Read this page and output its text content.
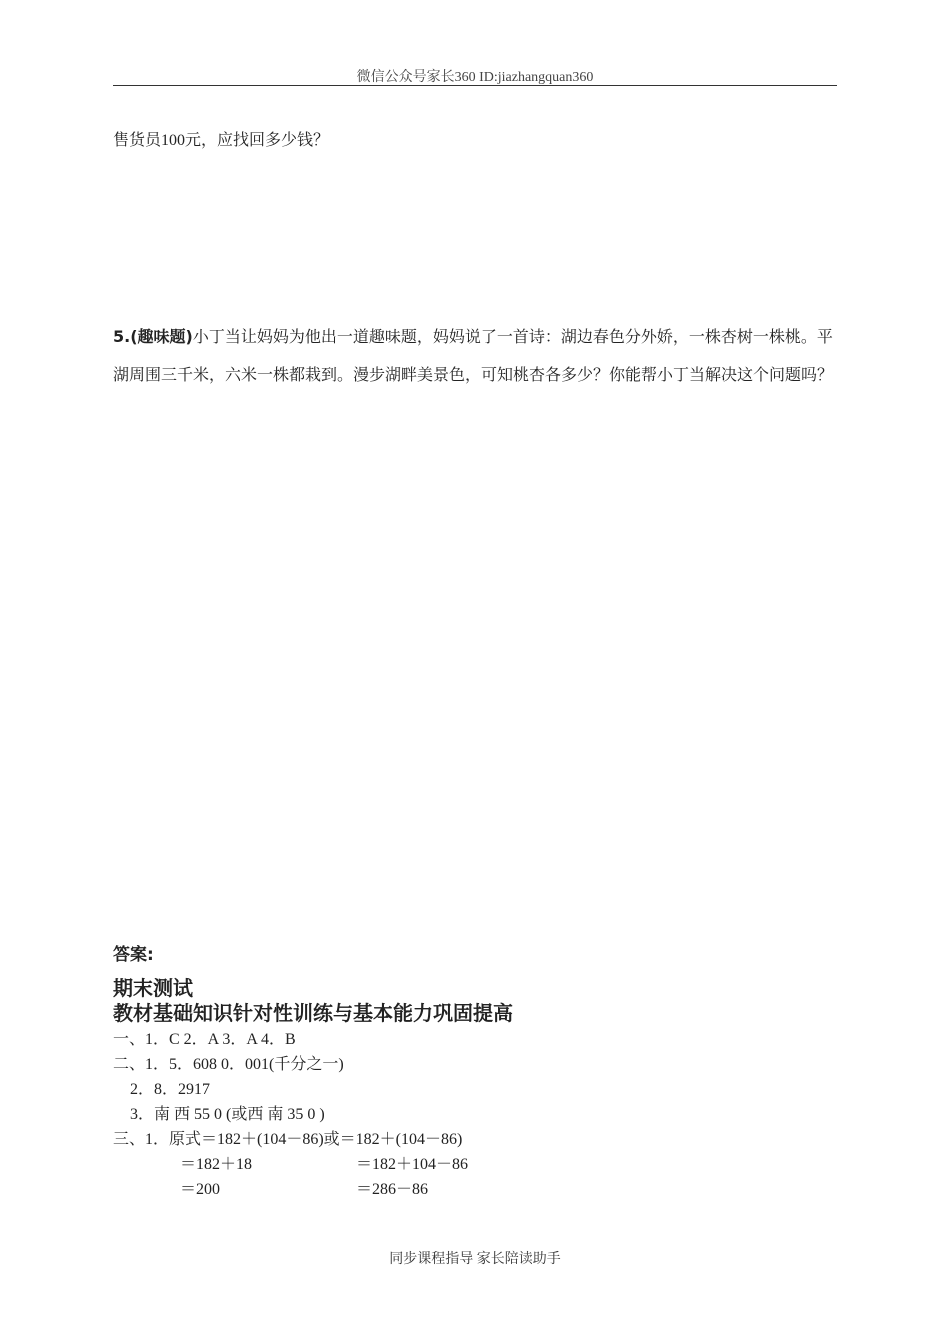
微信公众号家长360 ID:jiazhangquan360
售货员100元，应找回多少钱？
5.(趣味题)小丁当让妈妈为他出一道趣味题，妈妈说了一首诗：湖边春色分外娇，一株杏树一株桃。平湖周围三千米，六米一株都栽到。漫步湖畔美景色，可知桃杏各多少？你能帮小丁当解决这个问题吗？
答案:
期末测试
教材基础知识针对性训练与基本能力巩固提高
一、1．C 2．A 3．A 4．B
二、1．5．608 0．001(千分之一)
2．8．2917
3．南 西 55 0 (或西 南 35 0 )
三、1．原式＝182＋(104－86)或＝182＋(104－86)
＝182＋18	＝182＋104－86
＝200	＝286－86
同步课程指导 家长陪读助手
